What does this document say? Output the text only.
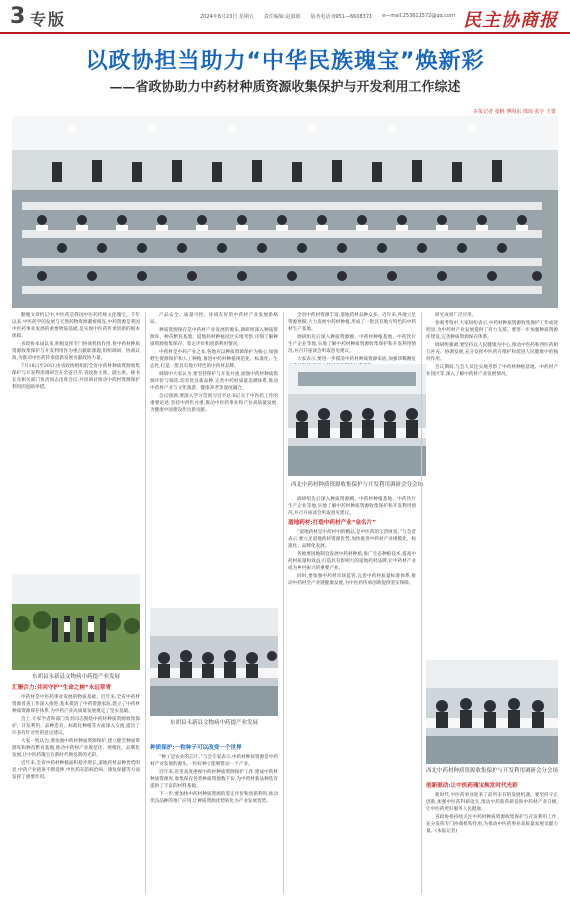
3 专版	2024年8月23日 星期五 责任编辑:赵淑娟 版务电话:0951—6608371 e—mail:253611572@qq.com 民主协商报
以政协担当助力“中华民族瑰宝”焕新彩
——省政协助力中药材种质资源收集保护与开发利用工作综述
本报记者 张帆 傅海东 邢琼 张宇 王蕾

勤勉文章约记中,中医药是我国中医药传统文化瑰宝。千年以来,中医药学的发展与天然药物资源紧密相连,中药资源是我国中医药事业发展的重要物质基础,是实现中医药传承创新的根本保障。

省政协本届以来,积极发挥专门协商机构作用,将中药材种质资源收集保护与开发利用作为重点履职课题,组织调研、协商议政,为推动中医药传承创新发展贡献政协力量。

7月18日至20日,由省政协组织的全省中药材种质资源收集保护与开发利用调研会在全省召开,省政协主席、副主席、秘书长及相关部门负责同志出席会议,共同研讨推动中药材资源保护利用的思路举措。

东胡县永新县文物病中药提产业发展
汇聚合力:共同守护“生命之树”永远常青

中药材是中医药事业发展的物质基础。近年来,全省中药材资源普查工作深入推进,基本摸清了中药资源家底,建立了中药材种质资源保存体系,为中药产业高质量发展奠定了坚实基础。

会上,专家学者和部门负责同志围绕中药材种质资源收集保护、开发利用、品种选育、标准化种植等方面深入交流,提出了许多有针对性的意见建议。

大家一致认为,要加强中药材种质资源保护,建立健全种质资源库和种苗繁育基地,推动中药材产业规范化、规模化、品牌化发展,让中医药瑰宝在新时代焕发新的光彩。

近年来,全省中药材种植面积稳步增长,道地药材品种优势明显,中药产业链条不断延伸,中医药在防病治病、康复保健等方面发挥了重要作用。

产品安全、质量可控、环境友好的中药材产业发展新格局。

种质资源保存是中药材产业发展的源头,调研组深入种质资源库、种苗繁育基地、道地药材种植园区实地考察,详细了解种质资源收集保存、鉴定评价和创新利用情况。

中药材是中药产业之本,各地应以种质资源保护为核心,加强野生资源保护和人工种植,推进中药材种植规范化、标准化、生态化,打造一批具有地方特色的中药材品牌。

调研中大家认为,要坚持保护与开发并重,加强中药材种质资源评价与筛选,培育优良新品种,完善中药材质量追溯体系,推动中药材产业与文化旅游、健康养老等深度融合。

会议强调,要深入学习贯彻习近平总书记关于中医药工作的重要论述,坚持中西医并重,推动中医药事业和产业高质量发展,为健康中国建设作出新贡献。

种质保护:一粒种子可以改变一个世界

“种子是农业的芯片。”与会专家表示,中药材种质资源是中药材产业发展的源头,一粒好种子能够带动一个产业。

近年来,省里高度重视中药材种质资源保护工作,建成中药材种质资源库,收集保存各类种质资源数千份,为中药材新品种选育提供了丰富的材料基础。

下一步,要加快中药材种质资源的鉴定评价和创新利用,推动优良品种的推广应用,让种质资源优势转化为产业发展优势。

东胡县永新县文物病中药提产业发展

全省中药材资源丰富,道地药材品种众多。近年来,各地立足资源禀赋,大力发展中药材种植,形成了一批具有地方特色的中药材生产基地。

调研组先后深入种质资源圃、中药材种植基地、中药饮片生产企业等地,实地了解中药材种质资源收集保护和开发利用情况,并召开座谈会听取意见建议。

大家表示,要进一步摸清中药材种质资源家底,加强珍稀濒危

西北中药材种质资源收集保护与开发利用调研会分会场

调研组先后深入种质资源圃、中药材种植基地、中药饮片生产企业等地,实地了解中药材种质资源收集保护和开发利用情况,并召开座谈会听取意见建议。

道地药材:打造中药材产业“金名片”

“道地药材是中药材中的精品,是中医药的宝贵财富。”与会者表示,要立足道地药材资源优势,加快推进中药材产业规模化、标准化、品牌化发展。

各地要因地制宜发展中药材种植,推广生态种植技术,提高中药材质量和效益,打造具有影响力的道地药材品牌,让中药材产业成为乡村振兴的重要产业。

同时,要加强中药材市场监管,完善中药材质量标准体系,推动中药材全产业链健康发展,为中医药传承创新提供坚实保障。

研究成果广泛应用。

参观考察中,大家纷纷表示,中药材种质资源收集保护工作成效明显,为中药材产业发展提供了有力支撑。要进一步加强种质资源库建设,完善种质资源保存体系。

调研组强调,要坚持以人民健康为中心,推动中医药和西医药相互补充、协调发展,充分发挥中医药在维护和促进人民健康中的独特作用。

会议期间,与会人员还实地考察了中药材种植基地、中药材产业园区等,深入了解中药材产业发展情况。

西北中药材种质资源收集保护与开发利用调研会分会场
创新驱动:让中医药瑰宝焕发时代光彩

新时代,中医药事业迎来了前所未有的发展机遇。要坚持守正创新,加强中医药科研攻关,推动中药新药研发和中药材产业升级,让中医药更好服务人民健康。

省政协将持续关注中药材种质资源收集保护与开发利用工作,充分发挥专门协商机构作用,为推动中医药事业高质量发展贡献力量。(本报记者)
